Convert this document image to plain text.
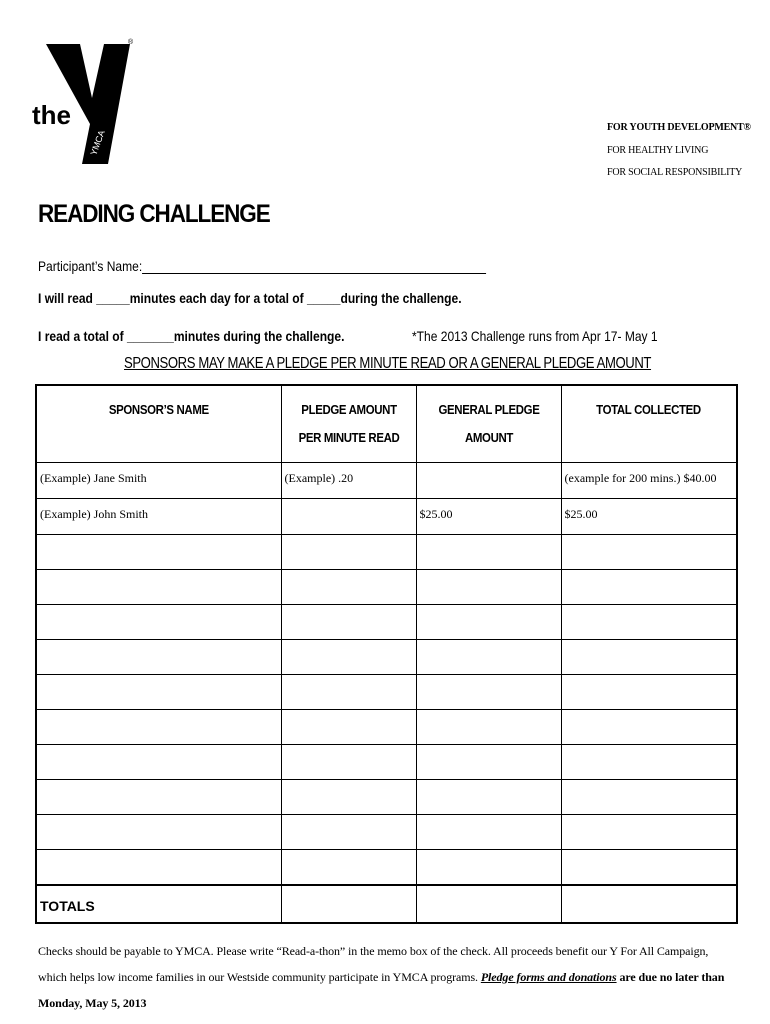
the
YMCA
®
FOR YOUTH DEVELOPMENT®
FOR HEALTHY LIVING
FOR SOCIAL RESPONSIBILITY
READING CHALLENGE
Participant’s Name:
I will read _____minutes each day for a total of _____during the challenge.
I read a total of _______minutes during the challenge.	*The 2013 Challenge runs from Apr 17- May 1
SPONSORS MAY MAKE A PLEDGE PER MINUTE READ OR A GENERAL PLEDGE AMOUNT
SPONSOR’S NAME	PLEDGE AMOUNT PER MINUTE READ	GENERAL PLEDGE AMOUNT	TOTAL COLLECTED
(Example) Jane Smith	(Example) .20		(example for 200 mins.) $40.00
(Example) John Smith		$25.00	$25.00

TOTALS			
Checks should be payable to YMCA. Please write “Read-a-thon” in the memo box of the check. All proceeds benefit our Y For All Campaign, which helps low income families in our Westside community participate in YMCA programs. Pledge forms and donations are due no later than Monday, May 5, 2013
